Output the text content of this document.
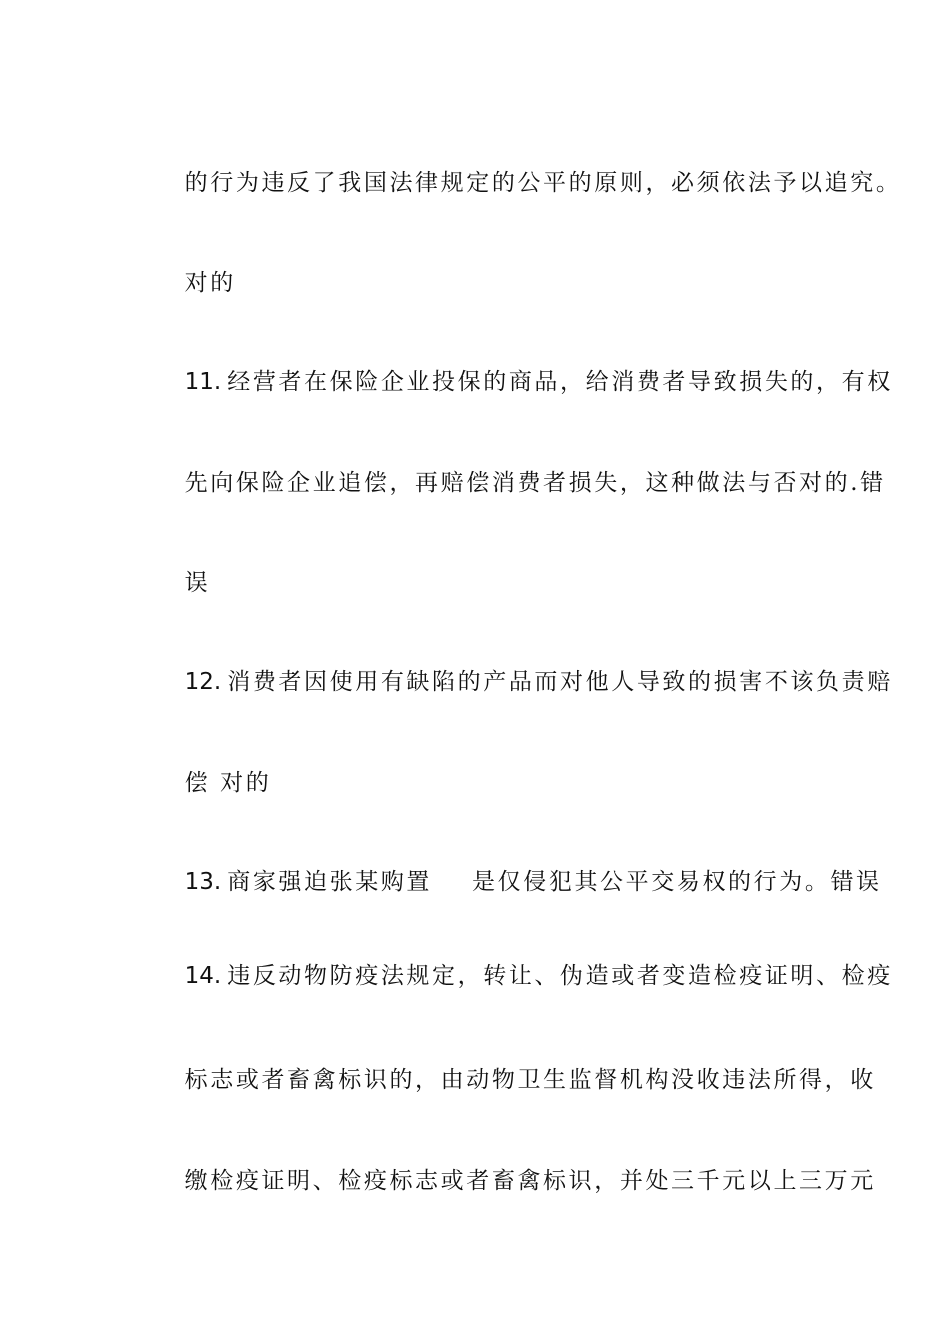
的行为违反了我国法律规定的公平的原则，必须依法予以追究。

对的

11. 经营者在保险企业投保的商品，给消费者导致损失的，有权

先向保险企业追偿，再赔偿消费者损失，这种做法与否对的.错

误

12. 消费者因使用有缺陷的产品而对他人导致的损害不该负责赔

偿 对的

13. 商家强迫张某购置 是仅侵犯其公平交易权的行为。错误

14. 违反动物防疫法规定，转让、伪造或者变造检疫证明、检疫

标志或者畜禽标识的，由动物卫生监督机构没收违法所得，收

缴检疫证明、检疫标志或者畜禽标识，并处三千元以上三万元
